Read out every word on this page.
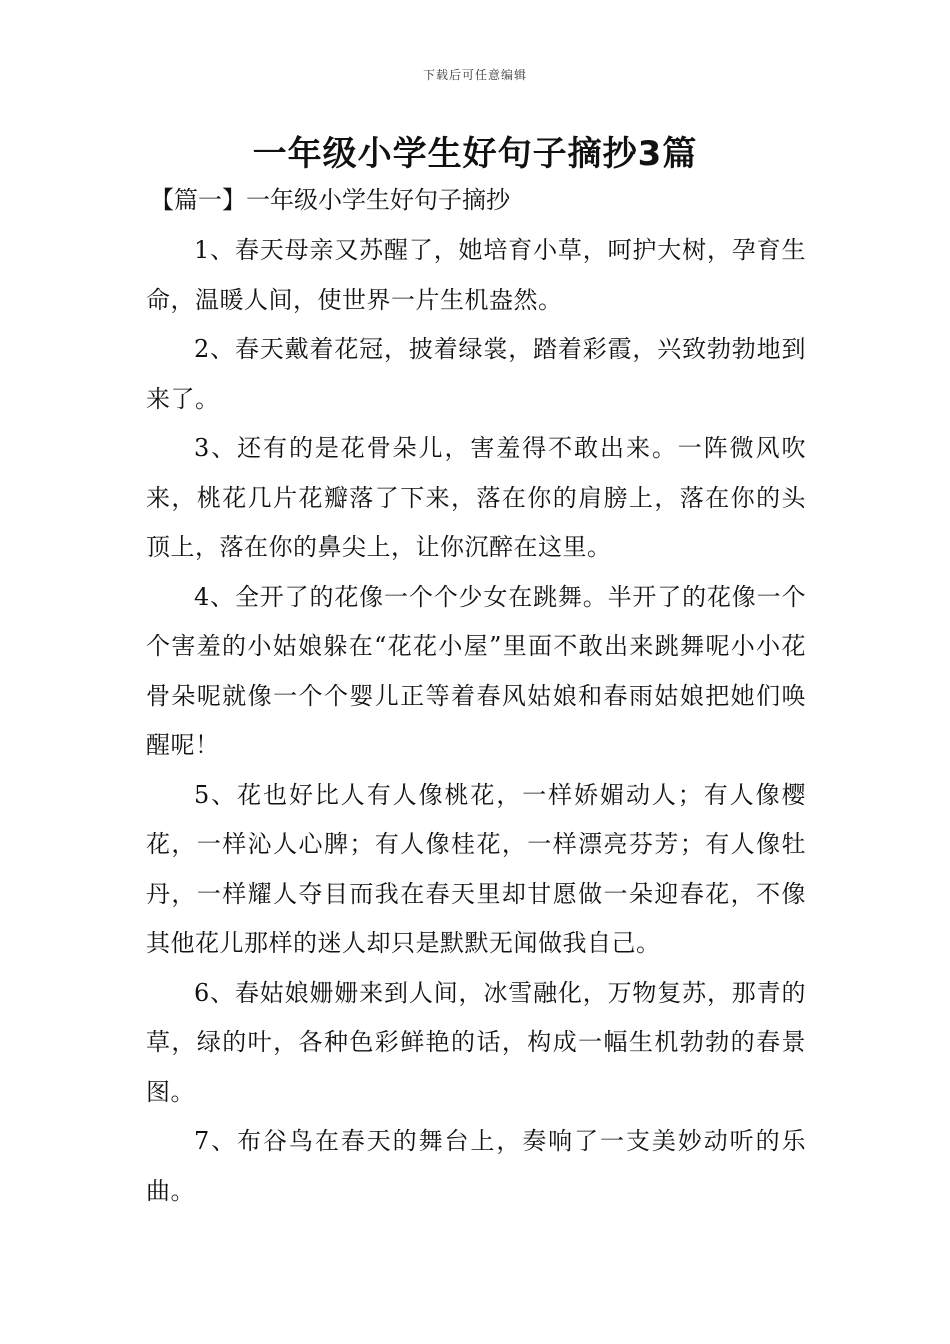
下载后可任意编辑
一年级小学生好句子摘抄3篇
【篇一】一年级小学生好句子摘抄

1、春天母亲又苏醒了，她培育小草，呵护大树，孕育生命，温暖人间，使世界一片生机盎然。

2、春天戴着花冠，披着绿裳，踏着彩霞，兴致勃勃地到来了。

3、还有的是花骨朵儿，害羞得不敢出来。一阵微风吹来，桃花几片花瓣落了下来，落在你的肩膀上，落在你的头顶上，落在你的鼻尖上，让你沉醉在这里。

4、全开了的花像一个个少女在跳舞。半开了的花像一个个害羞的小姑娘躲在“花花小屋”里面不敢出来跳舞呢小小花骨朵呢就像一个个婴儿正等着春风姑娘和春雨姑娘把她们唤醒呢！

5、花也好比人有人像桃花，一样娇媚动人；有人像樱花，一样沁人心脾；有人像桂花，一样漂亮芬芳；有人像牡丹，一样耀人夺目而我在春天里却甘愿做一朵迎春花，不像其他花儿那样的迷人却只是默默无闻做我自己。

6、春姑娘姗姗来到人间，冰雪融化，万物复苏，那青的草，绿的叶，各种色彩鲜艳的话，构成一幅生机勃勃的春景图。

7、布谷鸟在春天的舞台上，奏响了一支美妙动听的乐曲。
